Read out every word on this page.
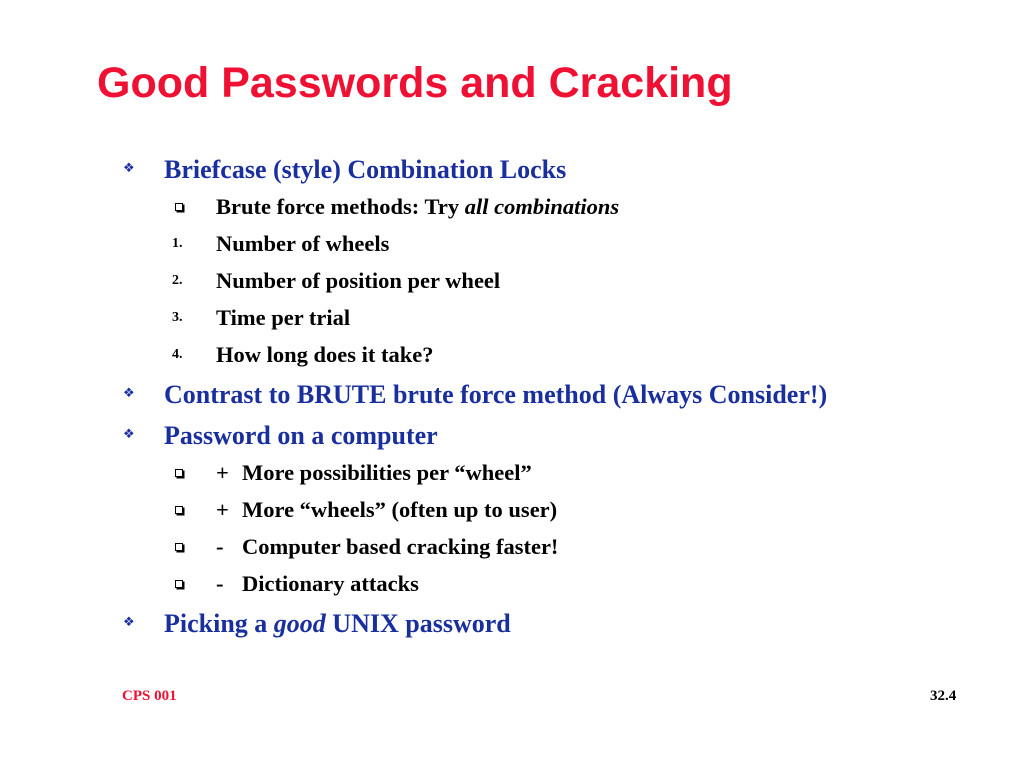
Good Passwords and Cracking
❖ Briefcase (style) Combination Locks
Brute force methods: Try all combinations
1. Number of wheels
2. Number of position per wheel
3. Time per trial
4. How long does it take?
❖ Contrast to BRUTE brute force method (Always Consider!)
❖ Password on a computer
+ More possibilities per “wheel”
+ More “wheels” (often up to user)
- Computer based cracking faster!
- Dictionary attacks
❖ Picking a good UNIX password
CPS 001	32.4
